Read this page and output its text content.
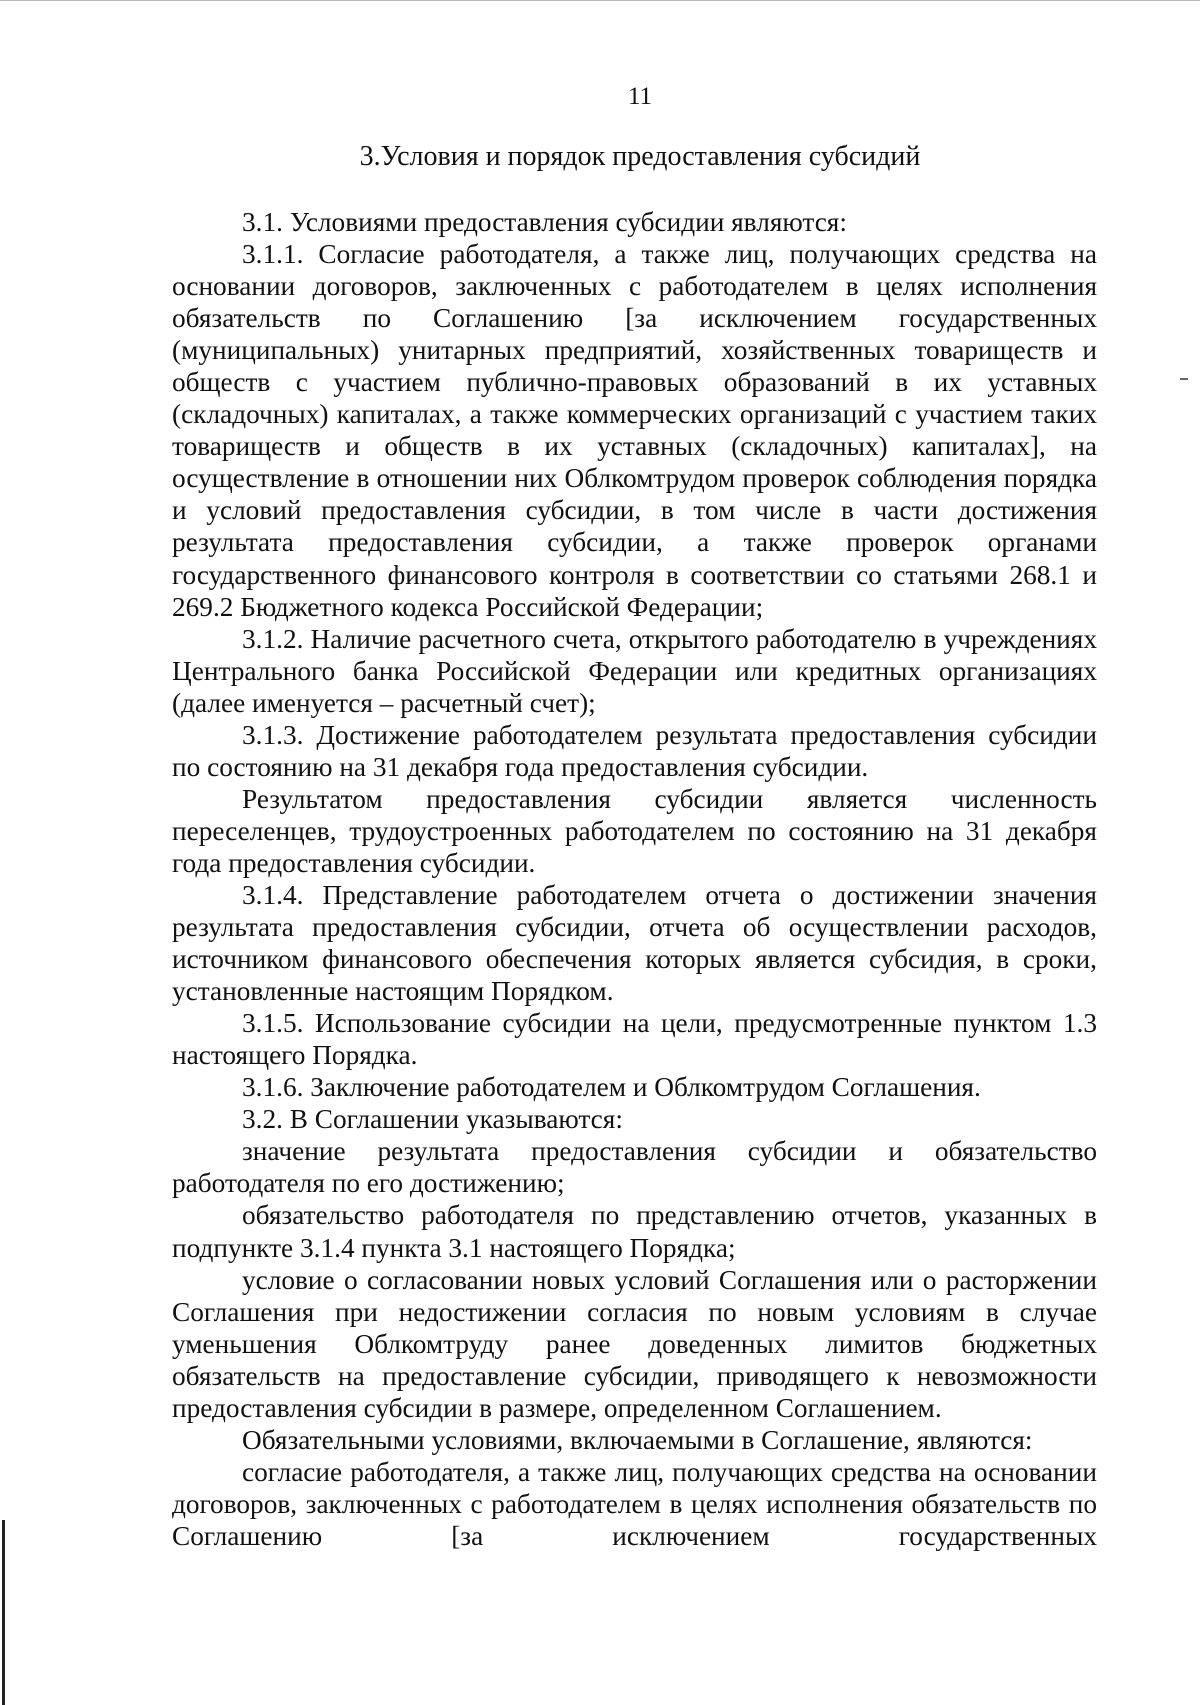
11
3.Условия и порядок предоставления субсидий

3.1. Условиями предоставления субсидии являются:

3.1.1. Согласие работодателя, а также лиц, получающих средства на основании договоров, заключенных с работодателем в целях исполнения обязательств по Соглашению [за исключением государственных (муниципальных) унитарных предприятий, хозяйственных товариществ и обществ с участием публично-правовых образований в их уставных (складочных) капиталах, а также коммерческих организаций с участием таких товариществ и обществ в их уставных (складочных) капиталах], на осуществление в отношении них Облкомтрудом проверок соблюдения порядка и условий предоставления субсидии, в том числе в части достижения результата предоставления субсидии, а также проверок органами государственного финансового контроля в соответствии со статьями 268.1 и 269.2 Бюджетного кодекса Российской Федерации;

3.1.2. Наличие расчетного счета, открытого работодателю в учреждениях Центрального банка Российской Федерации или кредитных организациях (далее именуется – расчетный счет);

3.1.3. Достижение работодателем результата предоставления субсидии по состоянию на 31 декабря года предоставления субсидии.

Результатом предоставления субсидии является численность переселенцев, трудоустроенных работодателем по состоянию на 31 декабря года предоставления субсидии.

3.1.4. Представление работодателем отчета о достижении значения результата предоставления субсидии, отчета об осуществлении расходов, источником финансового обеспечения которых является субсидия, в сроки, установленные настоящим Порядком.

3.1.5. Использование субсидии на цели, предусмотренные пунктом 1.3 настоящего Порядка.

3.1.6. Заключение работодателем и Облкомтрудом Соглашения.

3.2. В Соглашении указываются:

значение результата предоставления субсидии и обязательство работодателя по его достижению;

обязательство работодателя по представлению отчетов, указанных в подпункте 3.1.4 пункта 3.1 настоящего Порядка;

условие о согласовании новых условий Соглашения или о расторжении Соглашения при недостижении согласия по новым условиям в случае уменьшения Облкомтруду ранее доведенных лимитов бюджетных обязательств на предоставление субсидии, приводящего к невозможности предоставления субсидии в размере, определенном Соглашением.

Обязательными условиями, включаемыми в Соглашение, являются:

согласие работодателя, а также лиц, получающих средства на основании договоров, заключенных с работодателем в целях исполнения обязательств по Соглашению [за исключением государственных
